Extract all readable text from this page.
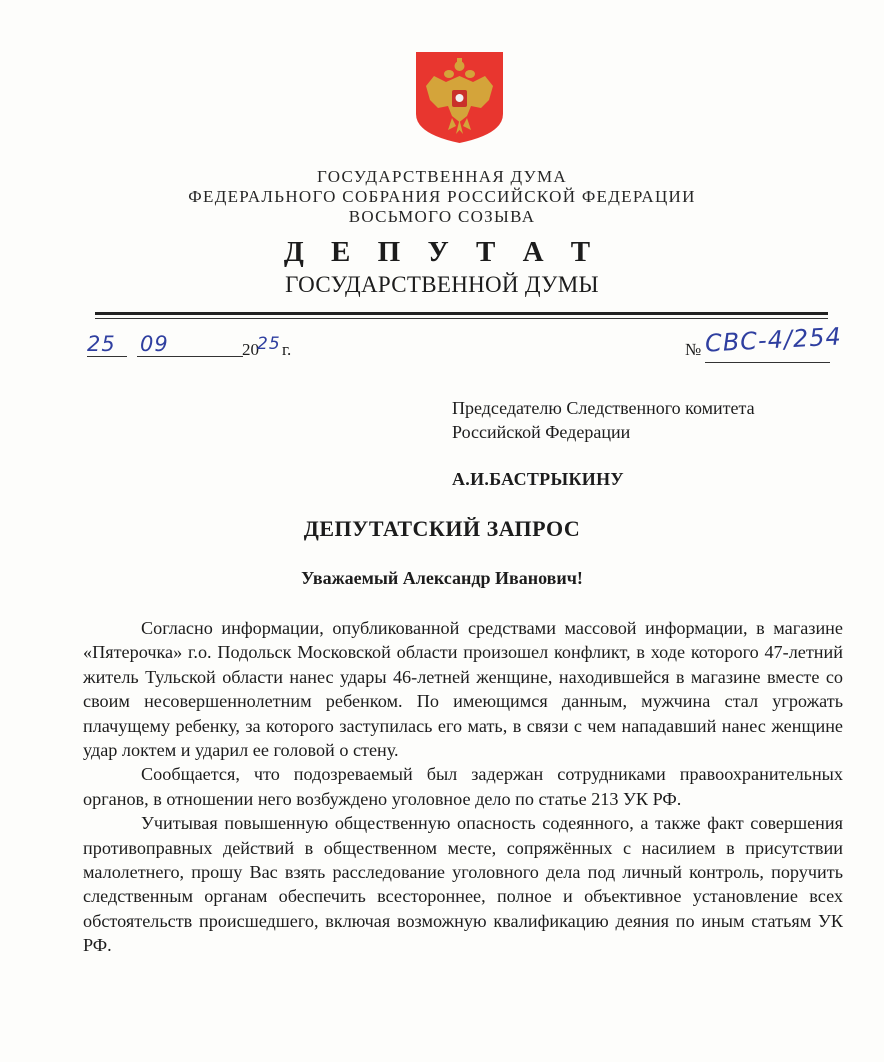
ГОСУДАРСТВЕННАЯ ДУМА
ФЕДЕРАЛЬНОГО СОБРАНИЯ РОССИЙСКОЙ ФЕДЕРАЦИИ
ВОСЬМОГО СОЗЫВА
Д Е П У Т А Т
ГОСУДАРСТВЕННОЙ ДУМЫ
25 09	20
25 г.	№ СВС-4/254
Председателю Следственного комитета
Российской Федерации
А.И.БАСТРЫКИНУ
ДЕПУТАТСКИЙ ЗАПРОС
Уважаемый Александр Иванович!

Согласно информации, опубликованной средствами массовой информации, в магазине «Пятерочка» г.о. Подольск Московской области произошел конфликт, в ходе которого 47-летний житель Тульской области нанес удары 46-летней женщине, находившейся в магазине вместе со своим несовершеннолетним ребенком. По имеющимся данным, мужчина стал угрожать плачущему ребенку, за которого заступилась его мать, в связи с чем нападавший нанес женщине удар локтем и ударил ее головой о стену.

Сообщается, что подозреваемый был задержан сотрудниками правоохранительных органов, в отношении него возбуждено уголовное дело по статье 213 УК РФ.

Учитывая повышенную общественную опасность содеянного, а также факт совершения противоправных действий в общественном месте, сопряжённых с насилием в присутствии малолетнего, прошу Вас взять расследование уголовного дела под личный контроль, поручить следственным органам обеспечить всестороннее, полное и объективное установление всех обстоятельств происшедшего, включая возможную квалификацию деяния по иным статьям УК РФ.
